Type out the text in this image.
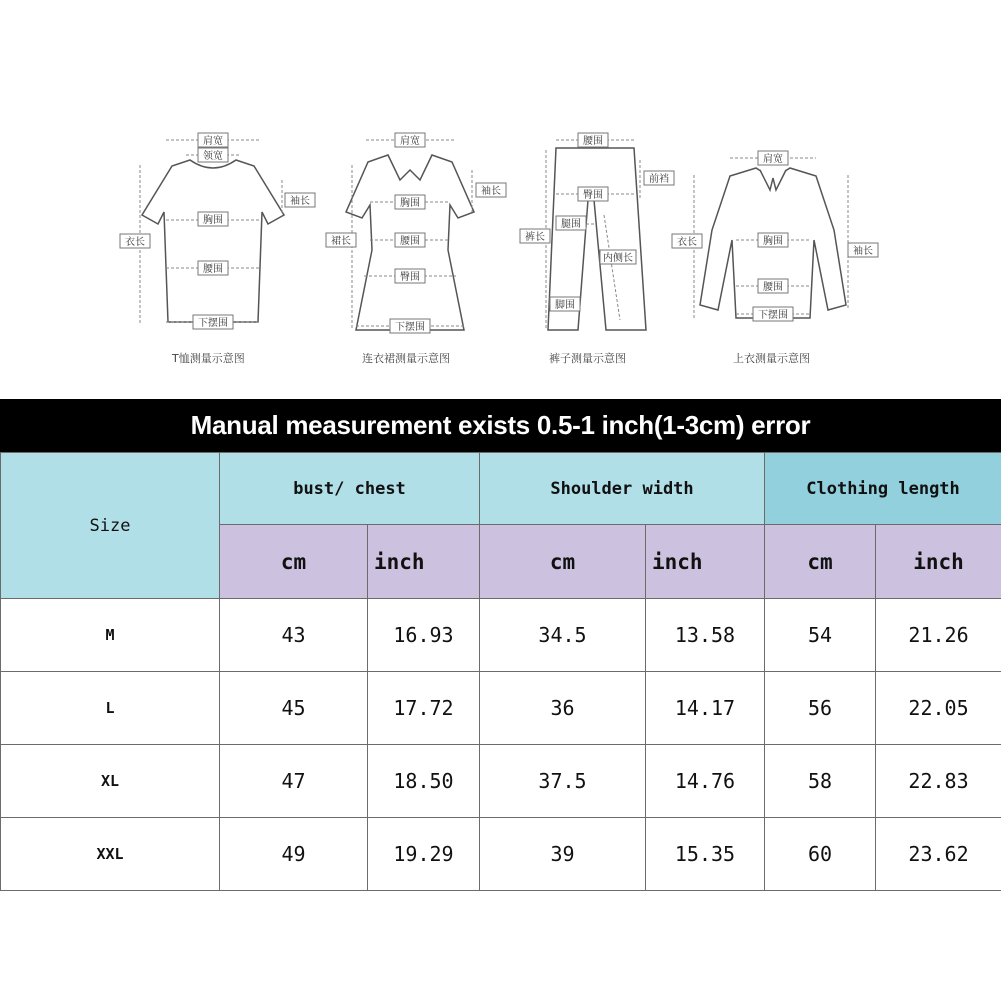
肩宽
领宽
衣长
袖长
胸围
腰围
下摆围
肩宽
袖长
裙长
胸围
腰围
臀围
下摆围
腰围
前裆
臀围
裤长
腿围
内侧长
脚围
肩宽
衣长
袖长
胸围
腰围
下摆围
T恤测量示意图	连衣裙测量示意图	裤子测量示意图	上衣测量示意图
Manual measurement exists 0.5-1 inch(1-3cm) error
Size	bust/ chest		Shoulder width		Clothing length	
	cm	inch	cm	inch	cm	inch
M	43	16.93	34.5	13.58	54	21.26
L	45	17.72	36	14.17	56	22.05
XL	47	18.50	37.5	14.76	58	22.83
XXL	49	19.29	39	15.35	60	23.62
